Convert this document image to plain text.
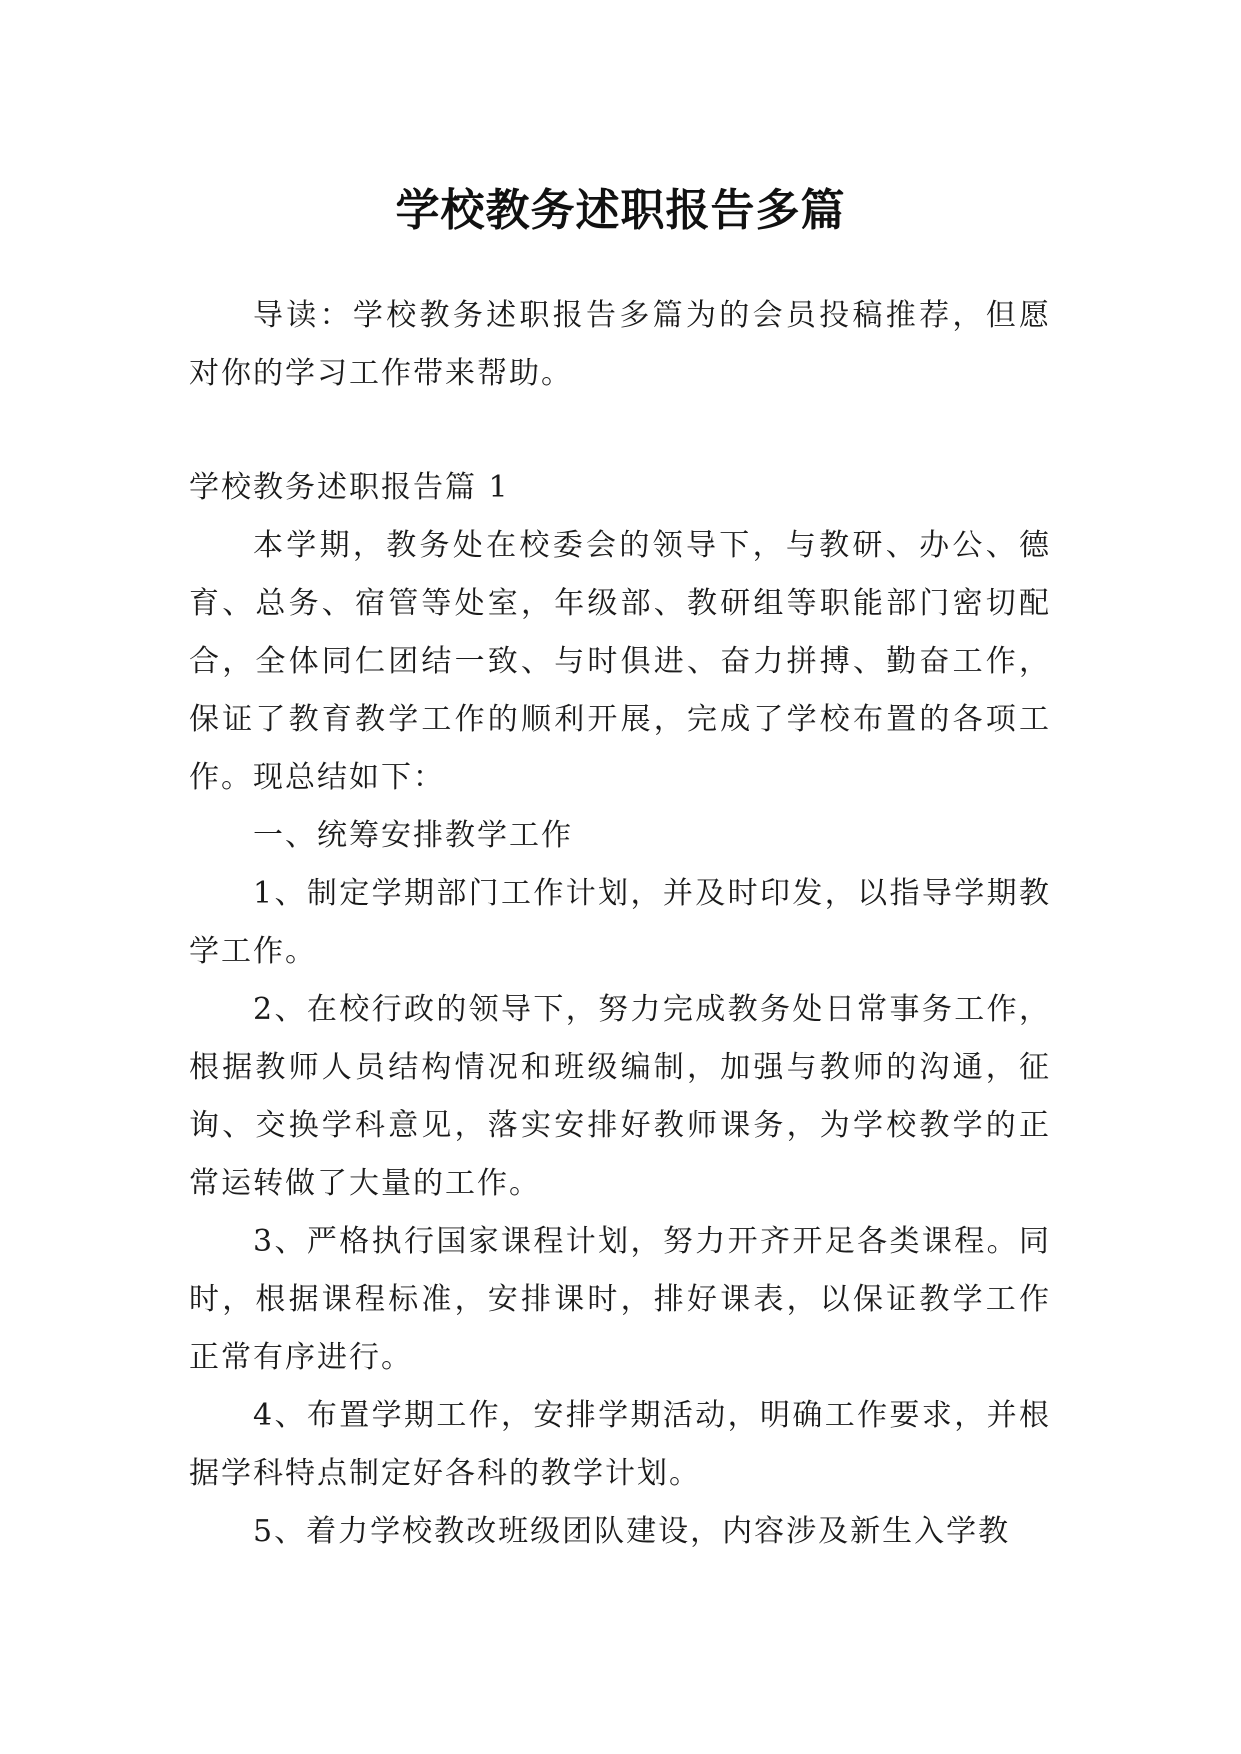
学校教务述职报告多篇

导读：学校教务述职报告多篇为的会员投稿推荐，但愿对你的学习工作带来帮助。

学校教务述职报告篇 1

本学期，教务处在校委会的领导下，与教研、办公、德育、总务、宿管等处室，年级部、教研组等职能部门密切配合，全体同仁团结一致、与时俱进、奋力拼搏、勤奋工作，保证了教育教学工作的顺利开展，完成了学校布置的各项工作。现总结如下：

一、统筹安排教学工作

1、制定学期部门工作计划，并及时印发，以指导学期教学工作。

2、在校行政的领导下，努力完成教务处日常事务工作，根据教师人员结构情况和班级编制，加强与教师的沟通，征询、交换学科意见，落实安排好教师课务，为学校教学的正常运转做了大量的工作。

3、严格执行国家课程计划，努力开齐开足各类课程。同时，根据课程标准，安排课时，排好课表，以保证教学工作正常有序进行。

4、布置学期工作，安排学期活动，明确工作要求，并根据学科特点制定好各科的教学计划。

5、着力学校教改班级团队建设，内容涉及新生入学教
